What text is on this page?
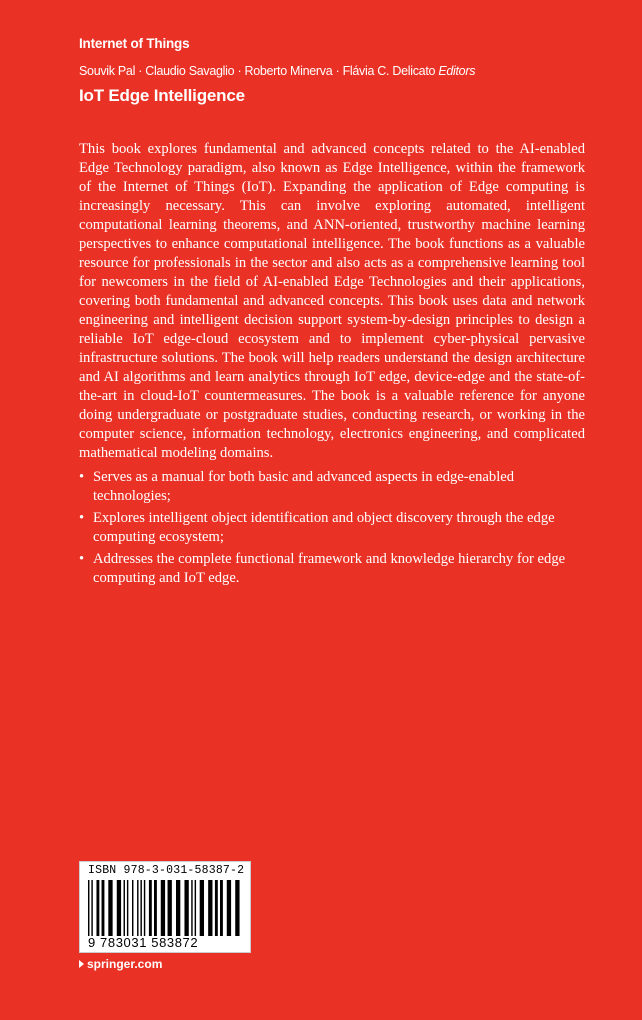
Internet of Things
Souvik Pal · Claudio Savaglio · Roberto Minerva · Flávia C. Delicato Editors
IoT Edge Intelligence

This book explores fundamental and advanced concepts related to the AI-enabled Edge Technology paradigm, also known as Edge Intelligence, within the framework of the Internet of Things (IoT). Expanding the application of Edge computing is increasingly necessary. This can involve exploring automated, intelligent computational learning theorems, and ANN-oriented, trustworthy machine learning perspectives to enhance computational intelligence. The book functions as a valuable resource for professionals in the sector and also acts as a comprehensive learning tool for newcomers in the field of AI-enabled Edge Technologies and their applications, covering both fundamental and advanced concepts. This book uses data and network engineering and intelligent decision support system-by-design principles to design a reliable IoT edge-cloud ecosystem and to implement cyber-physical pervasive infrastructure solutions. The book will help readers understand the design architecture and AI algorithms and learn analytics through IoT edge, device-edge and the state-of-the-art in cloud-IoT countermeasures. The book is a valuable reference for anyone doing undergraduate or postgraduate studies, conducting research, or working in the computer science, information technology, electronics engineering, and complicated mathematical modeling domains.

• Serves as a manual for both basic and advanced aspects in edge-enabled technologies;
• Explores intelligent object identification and object discovery through the edge computing ecosystem;
• Addresses the complete functional framework and knowledge hierarchy for edge computing and IoT edge.
ISBN 978-3-031-58387-2
9 783031 583872
springer.com
